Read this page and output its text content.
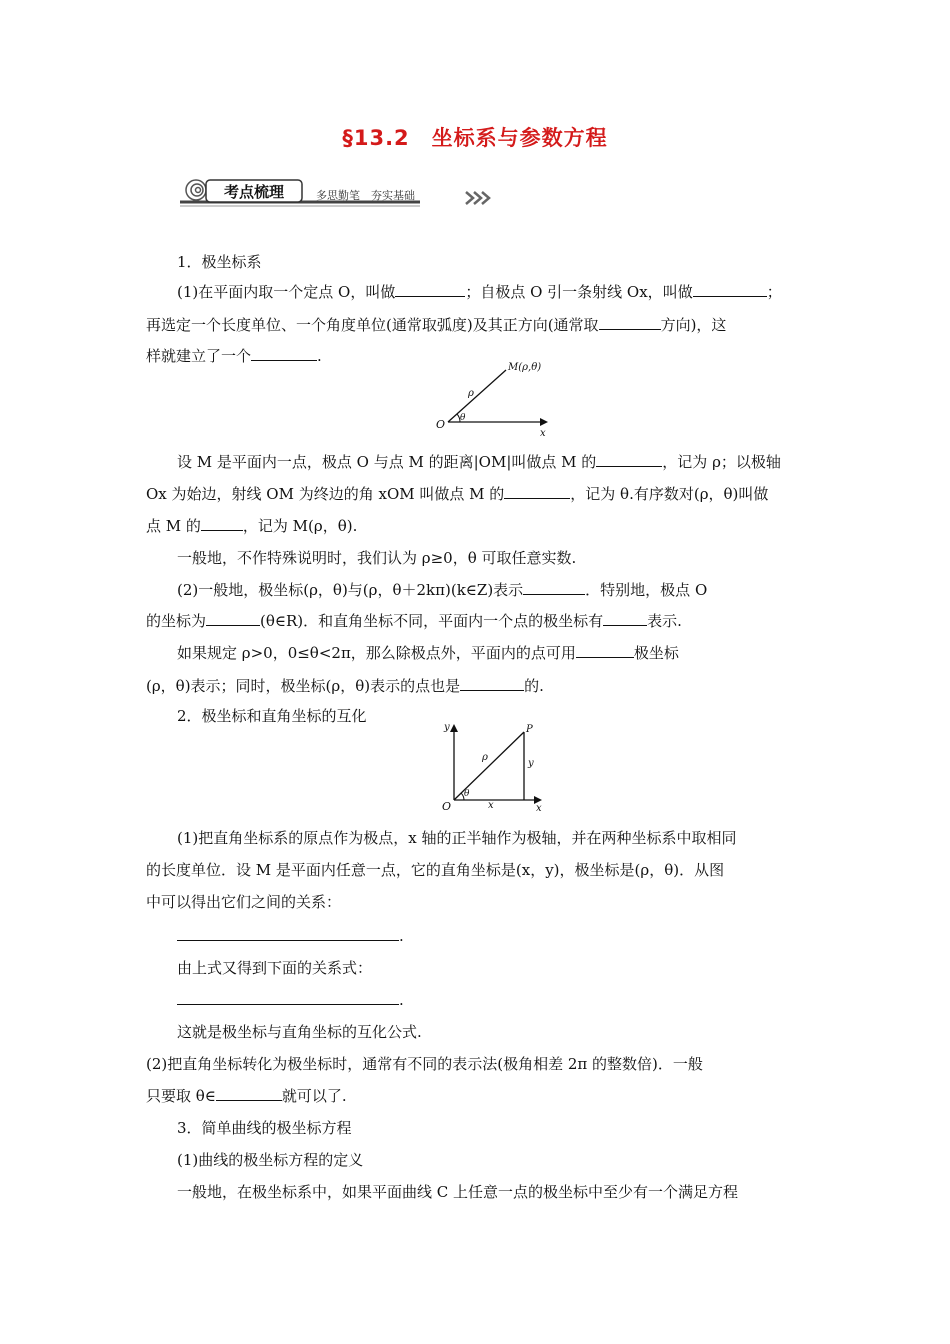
§13.2　坐标系与参数方程
考点梳理	多思勤笔　夯实基础
1．极坐标系
(1)在平面内取一个定点 O，叫做	；自极点 O 引一条射线 Ox，叫做	；
再选定一个长度单位、一个角度单位(通常取弧度)及其正方向(通常取	方向)，这
样就建立了一个	.
设 M 是平面内一点，极点 O 与点 M 的距离|OM|叫做点 M 的	，记为 ρ；以极轴
Ox 为始边，射线 OM 为终边的角 xOM 叫做点 M 的	，记为 θ.有序数对(ρ，θ)叫做
点 M 的	，记为 M(ρ，θ).
一般地，不作特殊说明时，我们认为 ρ≥0，θ 可取任意实数.
(2)一般地，极坐标(ρ，θ)与(ρ，θ＋2kπ)(k∈Z)表示	．特别地，极点 O
的坐标为	(θ∈R)．和直角坐标不同，平面内一个点的极坐标有	表示.
如果规定 ρ>0，0≤θ<2π，那么除极点外，平面内的点可用	极坐标
(ρ，θ)表示；同时，极坐标(ρ，θ)表示的点也是	的.
2．极坐标和直角坐标的互化
(1)把直角坐标系的原点作为极点，x 轴的正半轴作为极轴，并在两种坐标系中取相同
的长度单位．设 M 是平面内任意一点，它的直角坐标是(x，y)，极坐标是(ρ，θ)．从图
中可以得出它们之间的关系：
.
由上式又得到下面的关系式：
.
这就是极坐标与直角坐标的互化公式.
(2)把直角坐标转化为极坐标时，通常有不同的表示法(极角相差 2π 的整数倍)．一般
只要取 θ∈	就可以了.
3．简单曲线的极坐标方程
(1)曲线的极坐标方程的定义
一般地，在极坐标系中，如果平面曲线 C 上任意一点的极坐标中至少有一个满足方程
M(ρ,θ)
ρ
θ
O
x
y
x
P
ρ
y
x
θ
O
